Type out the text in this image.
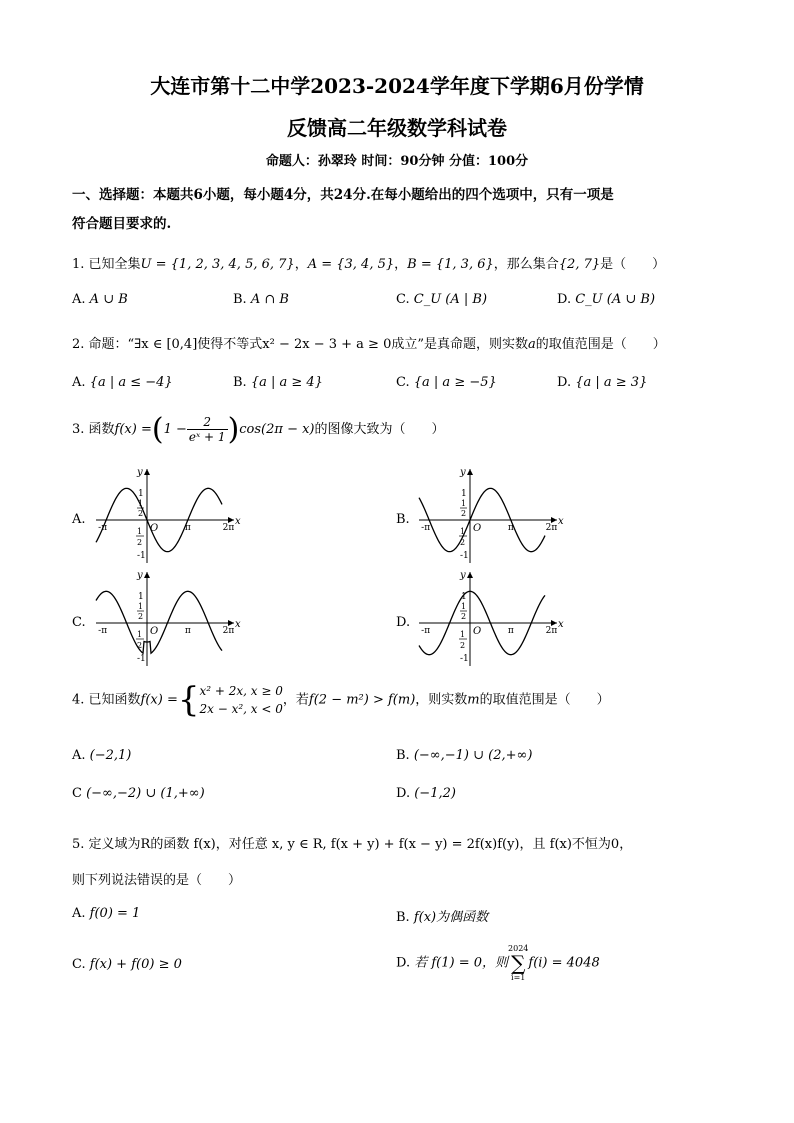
大连市第十二中学2023-2024学年度下学期6月份学情
反馈高二年级数学科试卷
命题人：孙翠玲 时间：90分钟 分值：100分
一、选择题：本题共6小题，每小题4分，共24分.在每小题给出的四个选项中，只有一项是
符合题目要求的.
1. 已知全集U = {1, 2, 3, 4, 5, 6, 7}，A = {3, 4, 5}，B = {1, 3, 6}，那么集合{2, 7}是（　　）
A. A ∪ B	B. A ∩ B	C. C_U (A | B)	D. C_U (A ∪ B)
2. 命题：“∃x ∈ [0,4]使得不等式x² − 2x − 3 + a ≥ 0成立”是真命题，则实数a的取值范围是（　　）
A. {a | a ≤ −4}	B. {a | a ≥ 4}	C. {a | a ≥ −5}	D. {a | a ≥ 3}
3. 函数$f(x) =(1 - \frac{2}{\text{eˣ + 1}} )\cos(2\pi - x)$的图像大致为（　　）
A.	B.
C.	D.
y
x
O
-π	π	2π
1
-1
1
2
1
2
y
x
O
-π	π	2π
1
-1
1
2
1
2
y
x
O
-π	π	2π
1
-1
1
2
1
2
y
x
O
-π	π	2π
1
-1
1
2
1
2
4. 已知函数f(x) ={ x² + 2x, x ≥ 0
2x − x², x < 0
，若f(2 − m²) > f(m)，则实数m的取值范围是（　　）
A. (−2,1)	B. (−∞,−1) ∪ (2,+∞)
C (−∞,−2) ∪ (1,+∞)	D. (−1,2)
5. 定义域为R的函数 f(x)，对任意 x, y ∈ R, f(x + y) + f(x − y) = 2f(x)f(y)，且 f(x)不恒为0，
则下列说法错误的是（　　）
A. f(0) = 1	B. f(x)为偶函数
C. f(x) + f(0) ≥ 0	D. 若 f(1) = 0，则2024
∑
i=1f(i) = 4048
